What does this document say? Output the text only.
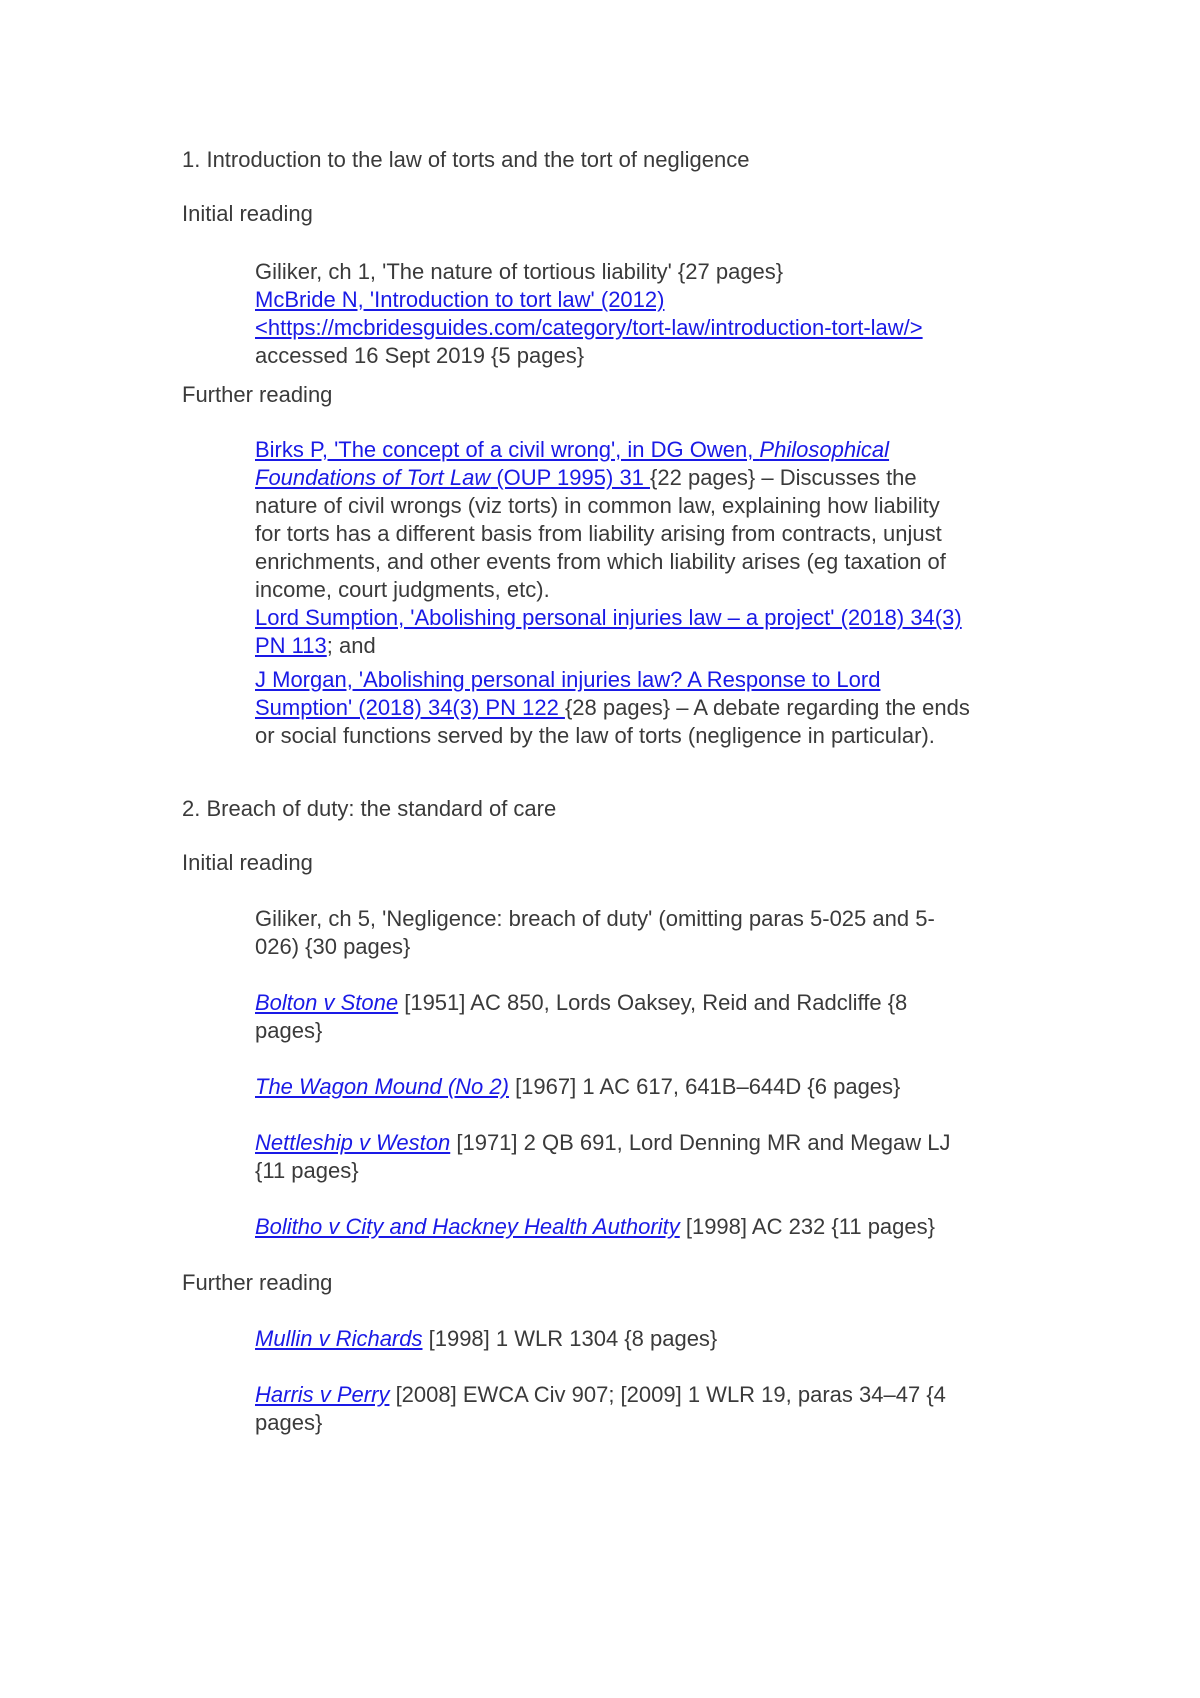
1. Introduction to the law of torts and the tort of negligence
Initial reading
Giliker, ch 1, 'The nature of tortious liability' {27 pages}
McBride N, 'Introduction to tort law' (2012)
<https://mcbridesguides.com/category/tort-law/introduction-tort-law/>
accessed 16 Sept 2019 {5 pages}
Further reading
Birks P, 'The concept of a civil wrong', in DG Owen, Philosophical
Foundations of Tort Law (OUP 1995) 31 {22 pages} – Discusses the
nature of civil wrongs (viz torts) in common law, explaining how liability
for torts has a different basis from liability arising from contracts, unjust
enrichments, and other events from which liability arises (eg taxation of
income, court judgments, etc).
Lord Sumption, 'Abolishing personal injuries law – a project' (2018) 34(3)
PN 113; and
J Morgan, 'Abolishing personal injuries law? A Response to Lord
Sumption' (2018) 34(3) PN 122 {28 pages} – A debate regarding the ends
or social functions served by the law of torts (negligence in particular).
2. Breach of duty: the standard of care
Initial reading
Giliker, ch 5, 'Negligence: breach of duty' (omitting paras 5-025 and 5-
026) {30 pages}
Bolton v Stone [1951] AC 850, Lords Oaksey, Reid and Radcliffe {8
pages}
The Wagon Mound (No 2) [1967] 1 AC 617, 641B–644D {6 pages}
Nettleship v Weston [1971] 2 QB 691, Lord Denning MR and Megaw LJ
{11 pages}
Bolitho v City and Hackney Health Authority [1998] AC 232 {11 pages}
Further reading
Mullin v Richards [1998] 1 WLR 1304 {8 pages}
Harris v Perry [2008] EWCA Civ 907; [2009] 1 WLR 19, paras 34–47 {4
pages}
